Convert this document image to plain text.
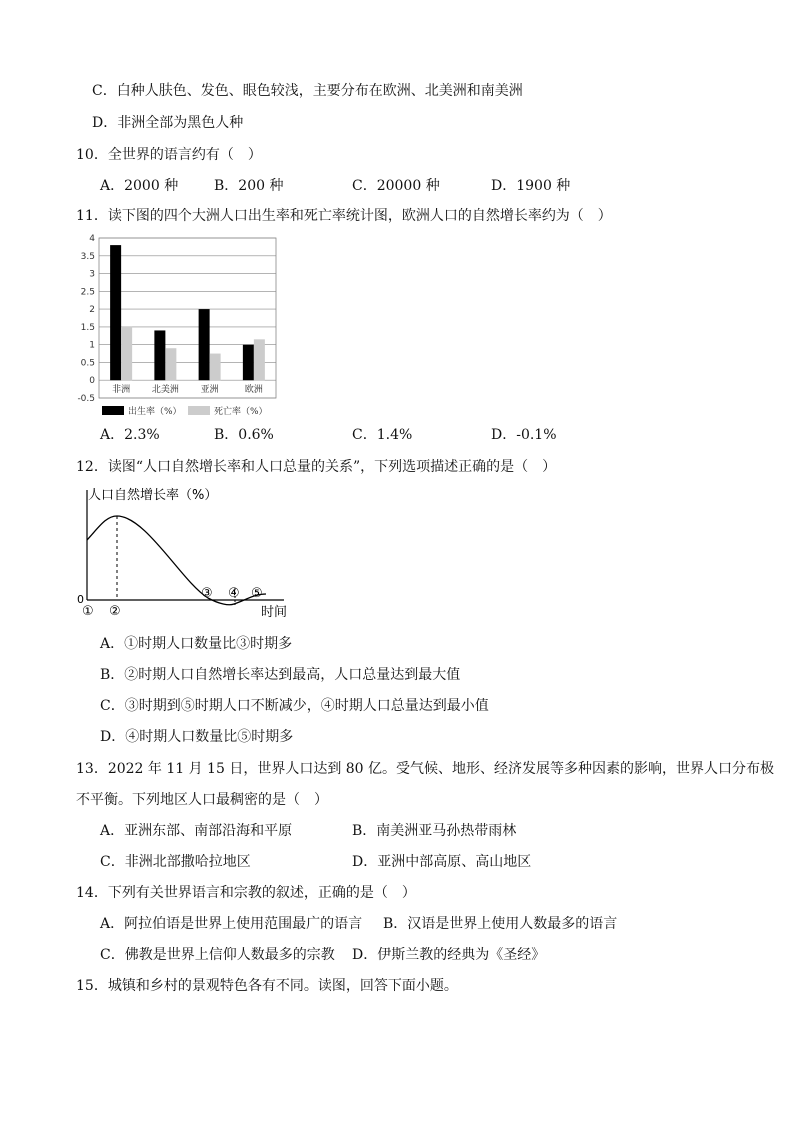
C．白种人肤色、发色、眼色较浅，主要分布在欧洲、北美洲和南美洲
D．非洲全部为黑色人种
10．全世界的语言约有（　）
A．2000 种	B．200 种	C．20000 种	D．1900 种
11．读下图的四个大洲人口出生率和死亡率统计图，欧洲人口的自然增长率约为（　）
4
3.5
3
2.5
2
1.5
1
0.5
0
-0.5
非洲 北美洲 亚洲	欧洲
出生率（%）	死亡率（%）
A．2.3%	B．0.6%	C．1.4%	D．-0.1%
12．读图“人口自然增长率和人口总量的关系”，下列选项描述正确的是（　）
人口自然增长率（%）
0
时间
① ②
③ ④ ⑤
A．①时期人口数量比③时期多
B．②时期人口自然增长率达到最高，人口总量达到最大值
C．③时期到⑤时期人口不断减少，④时期人口总量达到最小值
D．④时期人口数量比⑤时期多
13．2022 年 11 月 15 日，世界人口达到 80 亿。受气候、地形、经济发展等多种因素的影响，世界人口分布极
不平衡。下列地区人口最稠密的是（　）
A．亚洲东部、南部沿海和平原	B．南美洲亚马孙热带雨林
C．非洲北部撒哈拉地区	D．亚洲中部高原、高山地区
14．下列有关世界语言和宗教的叙述，正确的是（　）
A．阿拉伯语是世界上使用范围最广的语言 B．汉语是世界上使用人数最多的语言
C．佛教是世界上信仰人数最多的宗教 D．伊斯兰教的经典为《圣经》
15．城镇和乡村的景观特色各有不同。读图，回答下面小题。
